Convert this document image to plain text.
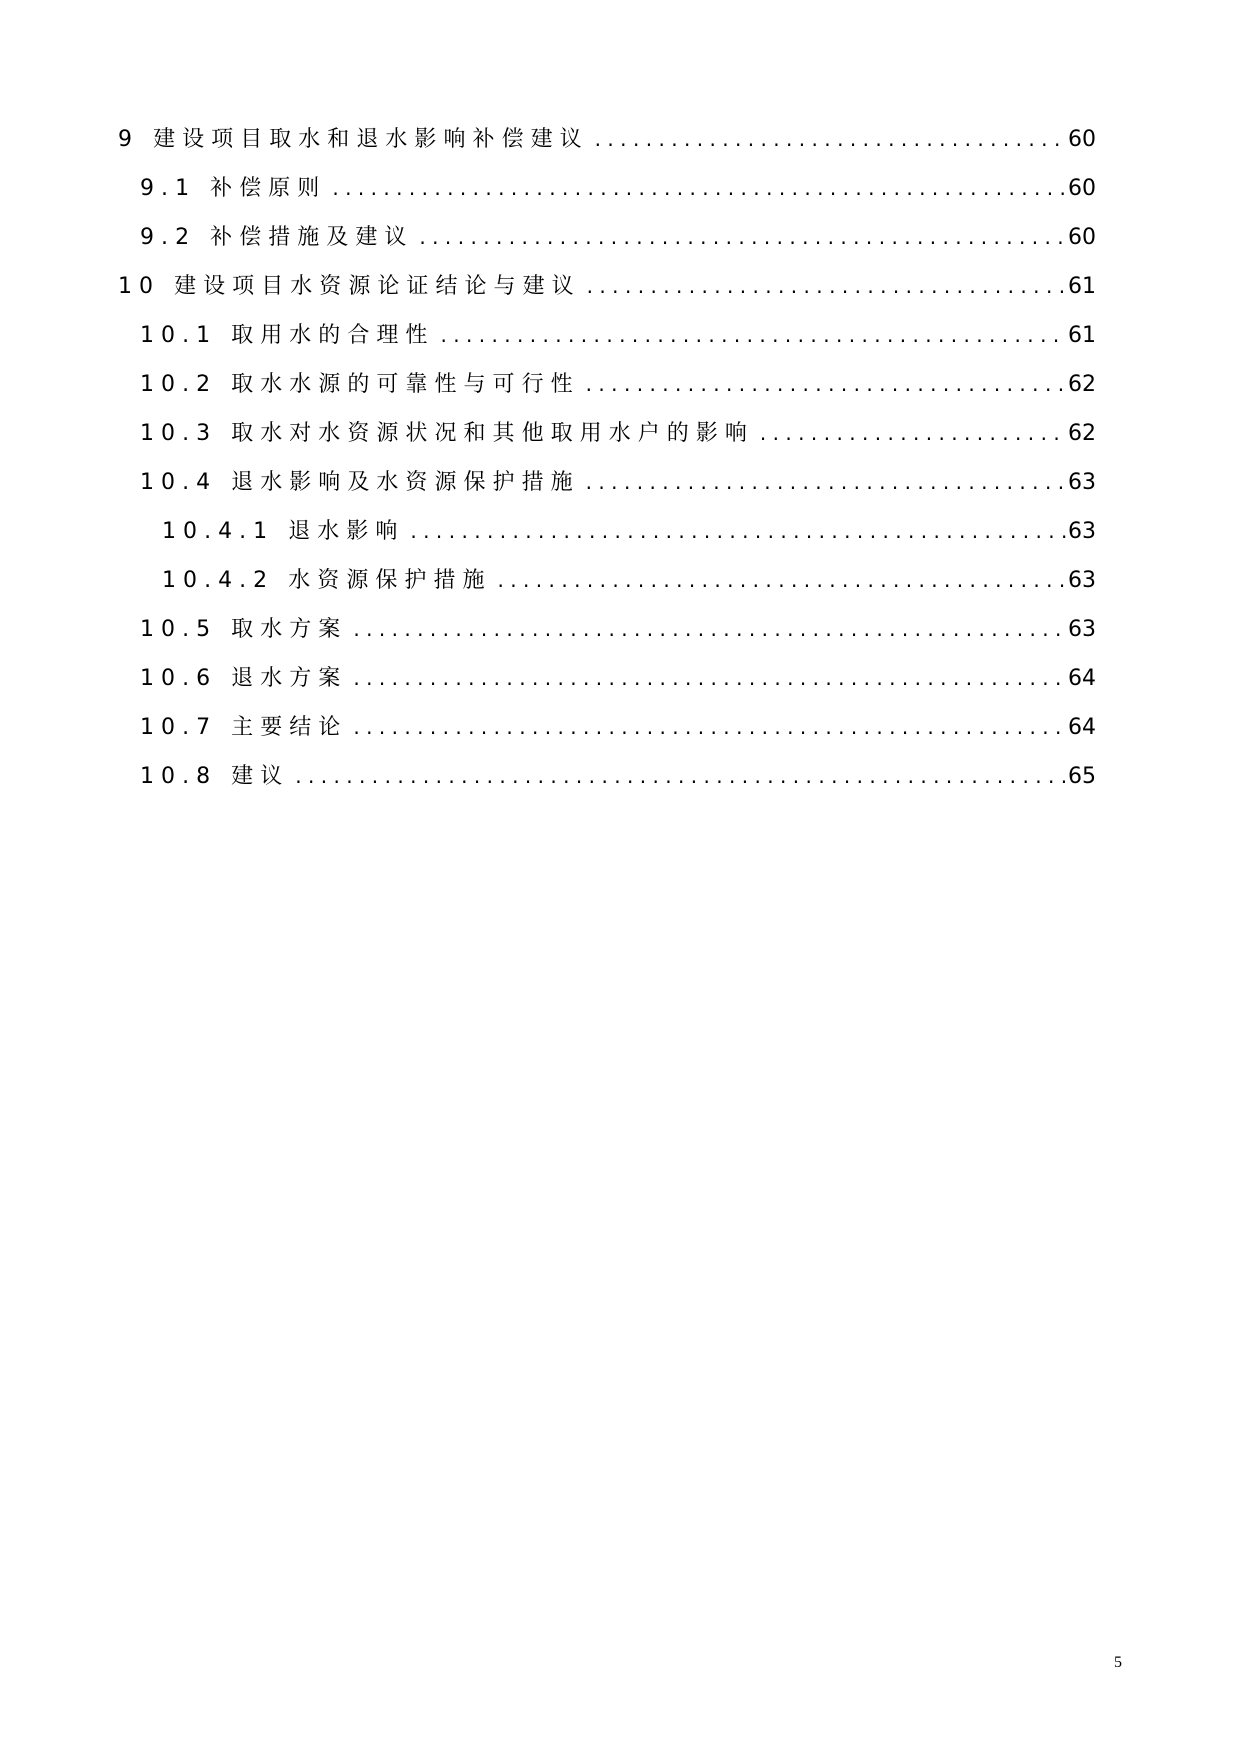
9 建设项目取水和退水影响补偿建议 .....	60
9.1 补偿原则 .....	60
9.2 补偿措施及建议 .....	60
10 建设项目水资源论证结论与建议 .....	61
10.1 取用水的合理性 .....	61
10.2 取水水源的可靠性与可行性 .....	62
10.3 取水对水资源状况和其他取用水户的影响 .....	62
10.4 退水影响及水资源保护措施 .....	63
10.4.1 退水影响 .....	63
10.4.2 水资源保护措施 .....	63
10.5 取水方案 .....	63
10.6 退水方案 .....	64
10.7 主要结论 .....	64
10.8 建议 .....	65
5
